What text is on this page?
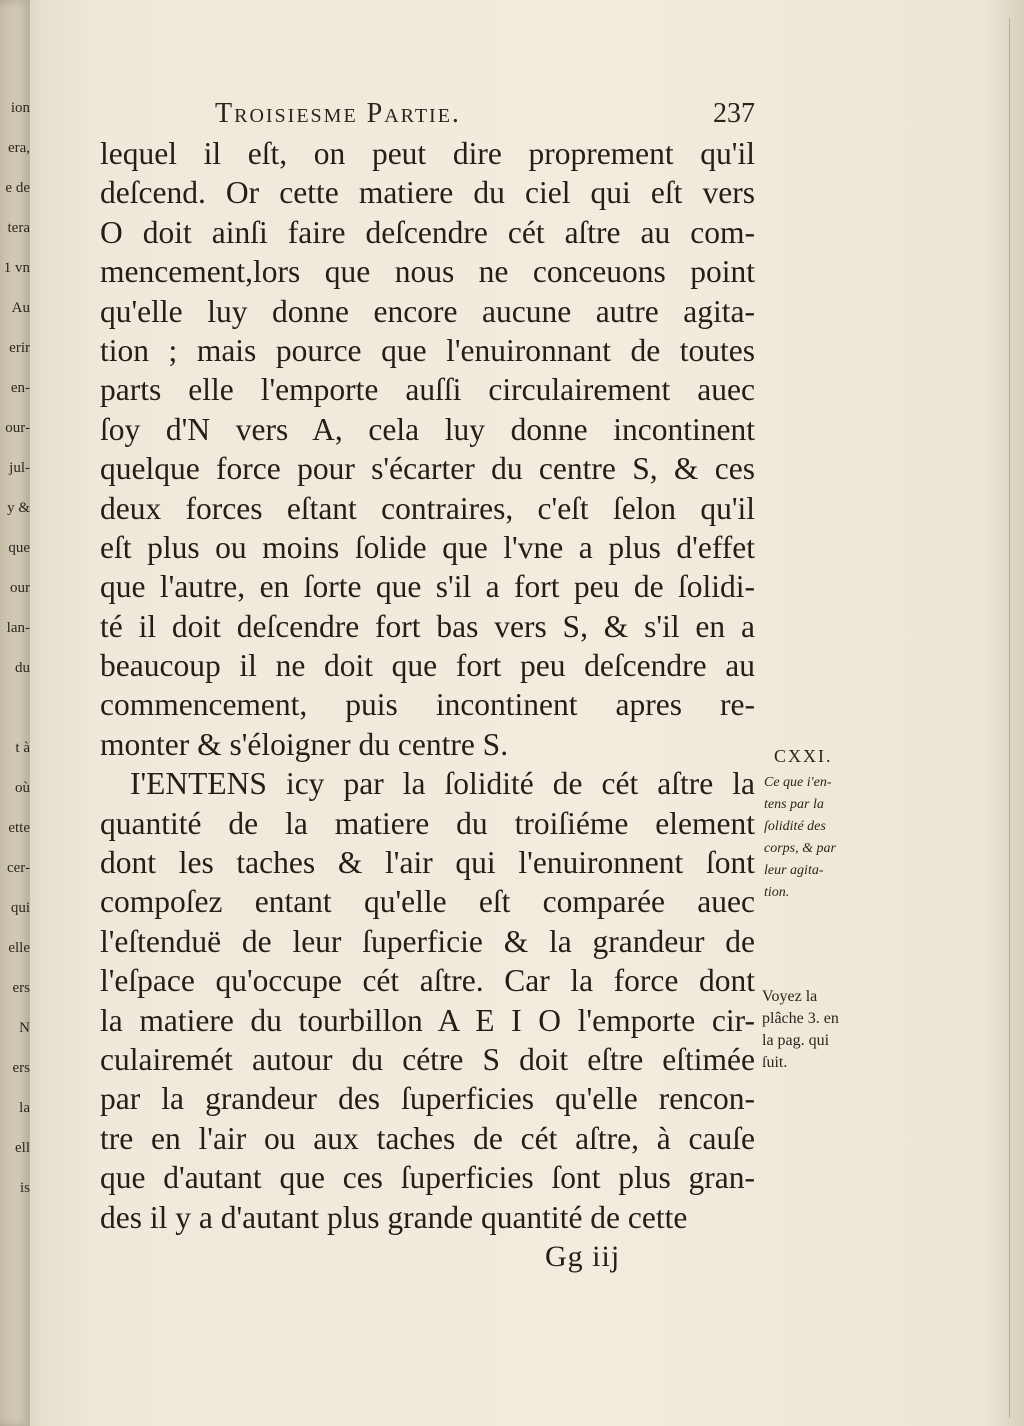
ion
era,
e de
tera
1 vn
Au
erir
en-
our-
jul-
y &
que
our
lan-
du
t à
où
ette
cer-
qui
elle
ers
N
ers
la
ell
is
Troisiesme Partie.	237
lequel il eſt, on peut dire proprement qu'il
deſcend. Or cette matiere du ciel qui eſt vers
O doit ainſi faire deſcendre cét aſtre au com-
mencement,lors que nous ne conceuons point
qu'elle luy donne encore aucune autre agita-
tion ; mais pource que l'enuironnant de toutes
parts elle l'emporte auſſi circulairement auec
ſoy d'N vers A, cela luy donne incontinent
quelque force pour s'écarter du centre S, & ces
deux forces eſtant contraires, c'eſt ſelon qu'il
eſt plus ou moins ſolide que l'vne a plus d'effet
que l'autre, en ſorte que s'il a fort peu de ſolidi-
té il doit deſcendre fort bas vers S, & s'il en a
beaucoup il ne doit que fort peu deſcendre au
commencement, puis incontinent apres re-
monter & s'éloigner du centre S.
I'ENTENS icy par la ſolidité de cét aſtre la
quantité de la matiere du troiſiéme element
dont les taches & l'air qui l'enuironnent ſont
compoſez entant qu'elle eſt comparée auec
l'eſtenduë de leur ſuperficie & la grandeur de
l'eſpace qu'occupe cét aſtre. Car la force dont
la matiere du tourbillon A E I O l'emporte cir-
culairemét autour du cétre S doit eſtre eſtimée
par la grandeur des ſuperficies qu'elle rencon-
tre en l'air ou aux taches de cét aſtre, à cauſe
que d'autant que ces ſuperficies ſont plus gran-
des il y a d'autant plus grande quantité de cette
CXXI.
Ce que i'en-
tens par la
ſolidité des
corps, & par
leur agita-
tion.
Voyez la
plâche 3. en
la pag. qui
ſuit.
Gg iij
